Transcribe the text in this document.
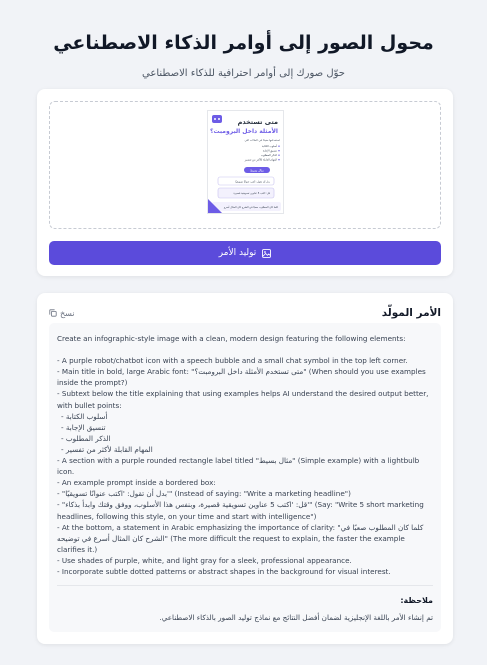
محول الصور إلى أوامر الذكاء الاصطناعي
حوّل صورك إلى أوامر احترافية للذكاء الاصطناعي
متى تستخدم
الأمثلة داخل البرومبت؟
استخدامها مفيدًا في الحالات التي
أسلوب الكتابة
تنسيق الإجابة
الذكر المطلوب
المهام القابلة للأكثر من تفسير
مثال بسيط
بدل أن تقول: اكتب عنوانًا تسويقيًا
قل: اكتب 5 عناوين تسويقية قصيرة
كلما كان المطلوب صعبًا في الشرح كان المثال أسرع
توليد الأمر
نسخ	الأمر المولّد
Create an infographic-style image with a clean, modern design featuring the following elements:

- A purple robot/chatbot icon with a speech bubble and a small chat symbol in the top left corner.
- Main title in bold, large Arabic font: "متى تستخدم الأمثلة داخل البرومبت؟" (When should you use examples inside the prompt?)
- Subtext below the title explaining that using examples helps AI understand the desired output better, with bullet points:
- أسلوب الكتابة
- تنسيق الإجابة
- الذكر المطلوب
- المهام القابلة لأكثر من تفسير
- A section with a purple rounded rectangle label titled "مثال بسيط" (Simple example) with a lightbulb icon.
- An example prompt inside a bordered box:
- "بدل أن تقول: 'اكتب عنوانًا تسويقيًا'" (Instead of saying: "Write a marketing headline")
- "قل: 'اكتب 5 عناوين تسويقية قصيرة، وبنفس هذا الأسلوب، ووفق وقتك وابدأ بذكاء'" (Say: "Write 5 short marketing headlines, following this style, on your time and start with intelligence")
- At the bottom, a statement in Arabic emphasizing the importance of clarity: "كلما كان المطلوب صعبًا في الشرح كان المثال أسرع في توضيحه" (The more difficult the request to explain, the faster the example clarifies it.)
- Use shades of purple, white, and light gray for a sleek, professional appearance.
- Incorporate subtle dotted patterns or abstract shapes in the background for visual interest.
ملاحظة:
تم إنشاء الأمر باللغة الإنجليزية لضمان أفضل النتائج مع نماذج توليد الصور بالذكاء الاصطناعي.
